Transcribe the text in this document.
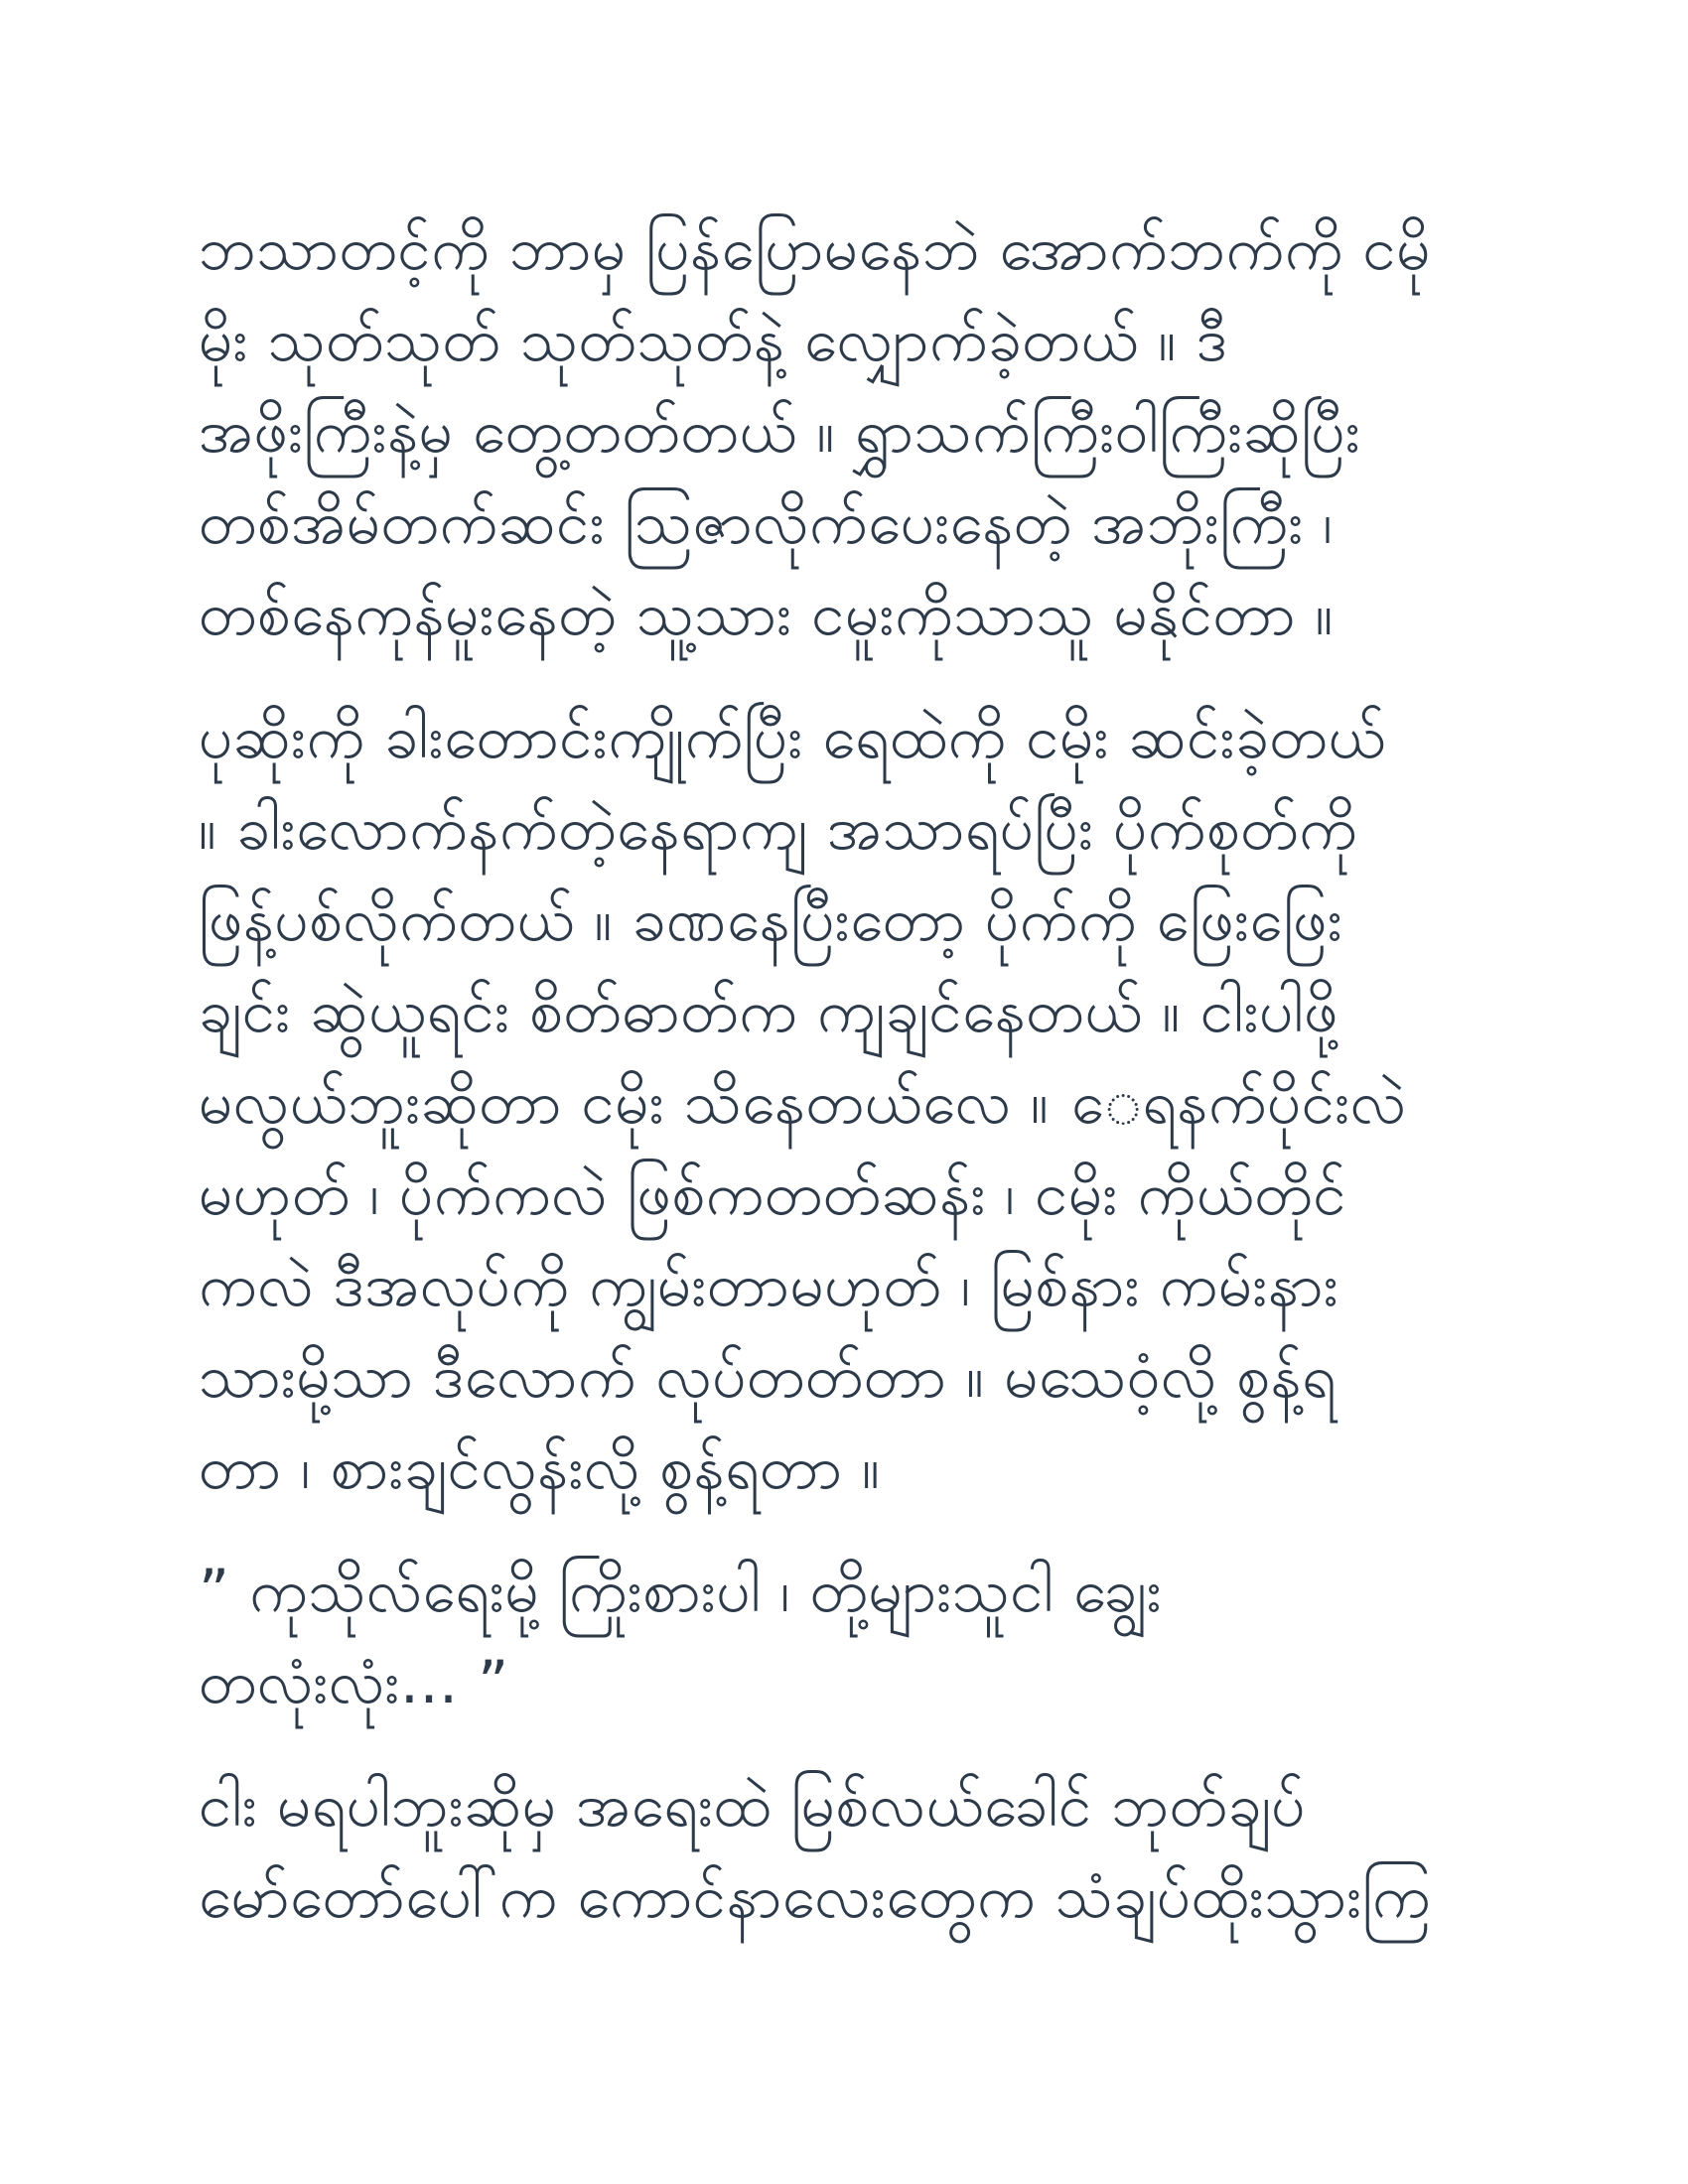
ဘသာတင့်ကို ဘာမှ ပြန်ပြောမနေဘဲ အောက်ဘက်ကို ငမို
မိုး သုတ်သုတ် သုတ်သုတ်နဲ့ လျှောက်ခဲ့တယ် ။ ဒီ
အဖိုးကြီးနဲ့မှ တွေ့တတ်တယ် ။ ရွှာသက်ကြီးဝါကြီးဆိုပြီး
တစ်အိမ်တက်ဆင်း သြဇာလိုက်ပေးနေတဲ့ အဘိုးကြီး ၊
တစ်နေကုန်မူးနေတဲ့ သူ့သား ငမူးကိုသာသူ မနိုင်တာ ။

ပုဆိုးကို ခါးတောင်းကျိုက်ပြီး ရေထဲကို ငမိုး ဆင်းခဲ့တယ်
။ ခါးလောက်နက်တဲ့နေရာကျ အသာရပ်ပြီး ပိုက်စုတ်ကို
ဖြန့်ပစ်လိုက်တယ် ။ ခဏနေပြီးတော့ ပိုက်ကို ဖြေးဖြေး
ချင်း ဆွဲယူရင်း စိတ်ဓာတ်က ကျချင်နေတယ် ။ ငါးပါဖို့
မလွယ်ဘူးဆိုတာ ငမိုး သိနေတယ်လေ ။ ေရနက်ပိုင်းလဲ
မဟုတ် ၊ ပိုက်ကလဲ ဖြစ်ကတတ်ဆန်း ၊ ငမိုး ကိုယ်တိုင်
ကလဲ ဒီအလုပ်ကို ကျွမ်းတာမဟုတ် ၊ မြစ်နား ကမ်းနား
သားမို့သာ ဒီလောက် လုပ်တတ်တာ ။ မသေဝံ့လို့ စွန့်ရ
တာ ၊ စားချင်လွန်းလို့ စွန့်ရတာ ။

” ကုသိုလ်ရေးမို့ ကြိုးစားပါ ၊ တို့များသူငါ ချွေး
တလုံးလုံး... ”

ငါး မရပါဘူးဆိုမှ အရေးထဲ မြစ်လယ်ခေါင် ဘုတ်ချပ်
မော်တော်ပေါ်က ကောင်နာလေးတွေက သံချပ်ထိုးသွားကြ
